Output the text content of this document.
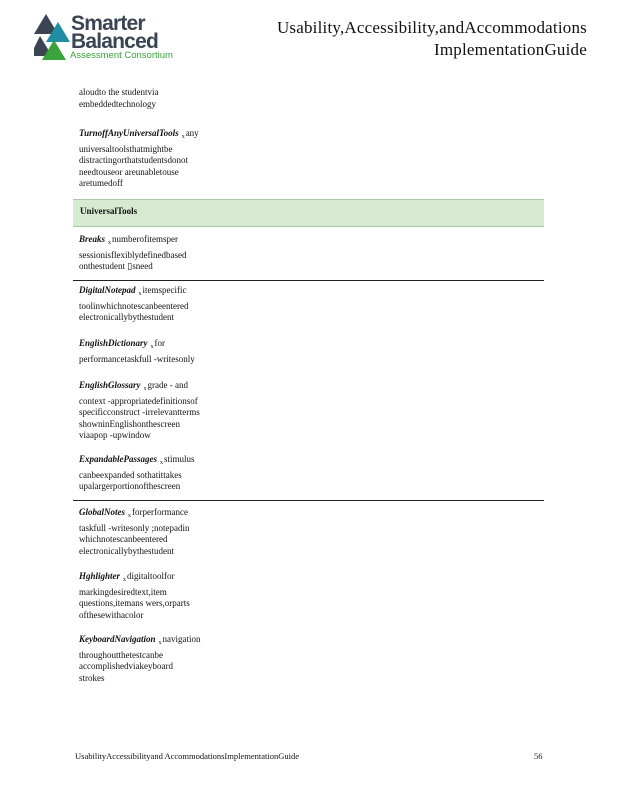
Smarter
Balanced
Assessment Consortium
Usability,Accessibility,andAccommodations
ImplementationGuide
aloudto the studentvia
embeddedtechnology
TurnoffAnyUniversalTools $_x$any
universaltoolsthatmightbe
distractingorthatstudentsdonot
needtouseor areunabletouse
aretumedoff
Breaks $_x$numberofitemsper
sessionisflexiblydefinedbased
onthestudent ▯sneed
DigitalNotepad $_x$itemspecific
toolinwhichnotescanbeentered
electronicallybythestudent
EnglishDictionary $_x$for
performancetaskfull -writesonly
EnglishGlossary $_x$grade - and
context -appropriatedefinitionsof
specificconstruct -irrelevantterms
showninEnglishonthescreen
viaapop -upwindow
ExpandablePassages $_x$stimulus
canbeexpanded sothatittakes
upalargerportionofthescreen
GlobalNotes $_x$forperformance
taskfull -writesonly ;notepadin
whichnotescanbeentered
electronicallybythestudent
Hghlighter $_x$digitaltoolfor
markingdesiredtext,item
questions,itemans wers,orparts
ofthesewithacolor
KeyboardNavigation $_x$navigation
throughoutthetestcanbe
accomplishedviakeyboard
strokes
UniversalTools
UsabilityAccessibilityand AccommodationsImplementationGuide	56
